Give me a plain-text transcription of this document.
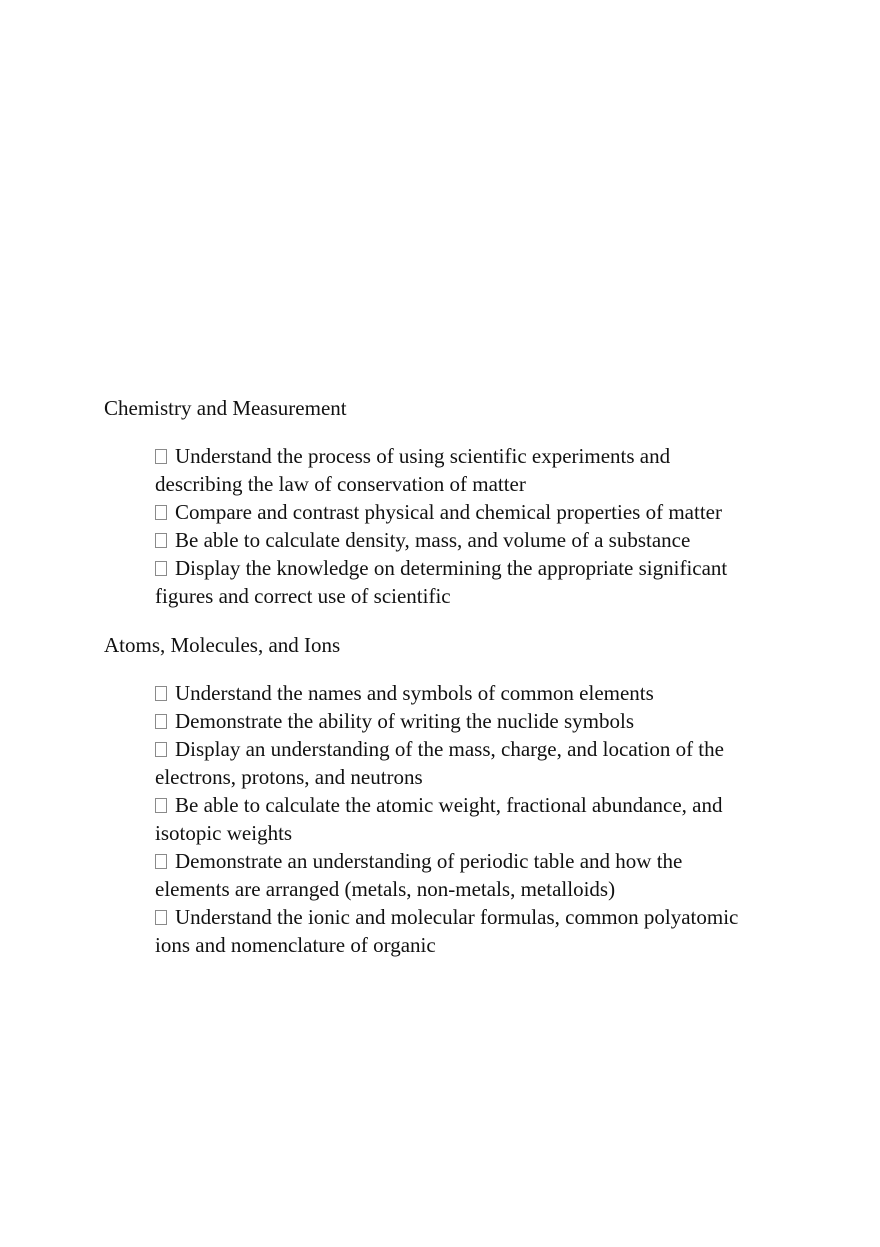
Chemistry and Measurement
Understand the process of using scientific experiments and describing the law of conservation of matter
Compare and contrast physical and chemical properties of matter
Be able to calculate density, mass, and volume of a substance
Display the knowledge on determining the appropriate significant figures and correct use of scientific
Atoms, Molecules, and Ions
Understand the names and symbols of common elements
Demonstrate the ability of writing the nuclide symbols
Display an understanding of the mass, charge, and location of the electrons, protons, and neutrons
Be able to calculate the atomic weight, fractional abundance, and isotopic weights
Demonstrate an understanding of periodic table and how the elements are arranged (metals, non-metals, metalloids)
Understand the ionic and molecular formulas, common polyatomic ions and nomenclature of organic
